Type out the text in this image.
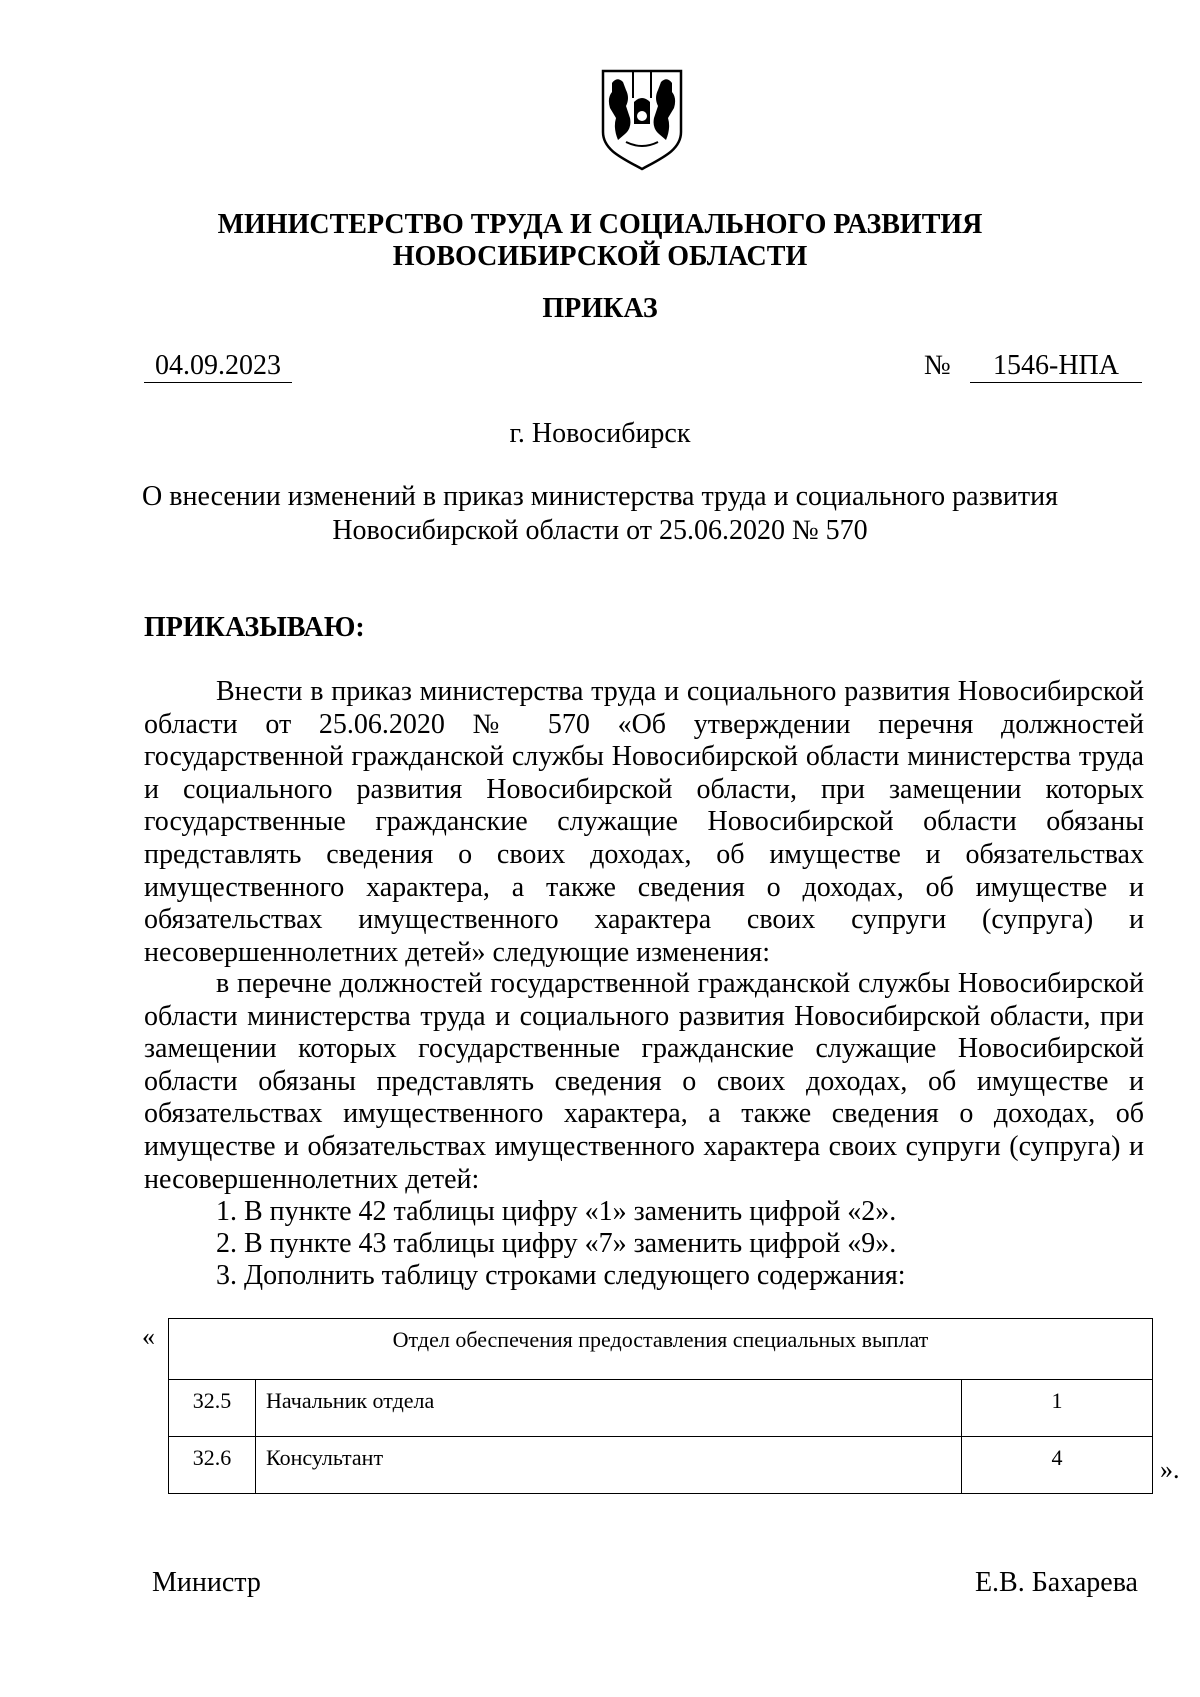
МИНИСТЕРСТВО ТРУДА И СОЦИАЛЬНОГО РАЗВИТИЯ
НОВОСИБИРСКОЙ ОБЛАСТИ
ПРИКАЗ
04.09.2023	№	1546-НПА
г. Новосибирск
О внесении изменений в приказ министерства труда и социального развития
Новосибирской области от 25.06.2020 № 570
ПРИКАЗЫВАЮ:
Внести в приказ министерства труда и социального развития Новосибирской области от 25.06.2020 № 570 «Об утверждении перечня должностей государственной гражданской службы Новосибирской области министерства труда и социального развития Новосибирской области, при замещении которых государственные гражданские служащие Новосибирской области обязаны представлять сведения о своих доходах, об имуществе и обязательствах имущественного характера, а также сведения о доходах, об имуществе и обязательствах имущественного характера своих супруги (супруга) и несовершеннолетних детей» следующие изменения:
в перечне должностей государственной гражданской службы Новосибирской области министерства труда и социального развития Новосибирской области, при замещении которых государственные гражданские служащие Новосибирской области обязаны представлять сведения о своих доходах, об имуществе и обязательствах имущественного характера, а также сведения о доходах, об имуществе и обязательствах имущественного характера своих супруги (супруга) и несовершеннолетних детей:
1. В пункте 42 таблицы цифру «1» заменить цифрой «2».
2. В пункте 43 таблицы цифру «7» заменить цифрой «9».
3. Дополнить таблицу строками следующего содержания:
«	Отдел обеспечения предоставления специальных выплат		
32.5	Начальник отдела	1
32.6	Консультант	4	».
Министр	Е.В. Бахарева
